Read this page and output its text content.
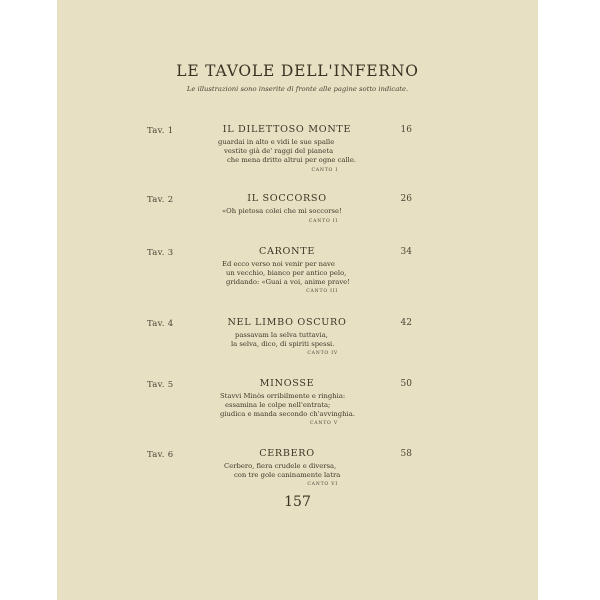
LE TAVOLE DELL'INFERNO
Le illustrazioni sono inserite di fronte alle pagine sotto indicate.
Tav. 1	IL DILETTOSO MONTE	16
guardai in alto e vidi le sue spalle
vestite già de' raggi del pianeta
che mena dritto altrui per ogne calle.
CANTO I
Tav. 2	IL SOCCORSO	26
«Oh pietosa colei che mi soccorse!
CANTO II
Tav. 3	CARONTE	34
Ed ecco verso noi venir per nave
un vecchio, bianco per antico pelo,
gridando: «Guai a voi, anime prave!
CANTO III
Tav. 4	NEL LIMBO OSCURO	42
passavam la selva tuttavia,
la selva, dico, di spiriti spessi.
CANTO IV
Tav. 5	MINOSSE	50
Stavvi Minòs orribilmente e ringhia:
essamina le colpe nell'entrata;
giudica e manda secondo ch'avvinghia.
CANTO V
Tav. 6	CERBERO	58
Cerbero, fiera crudele e diversa,
con tre gole caninamente latra
CANTO VI
157
